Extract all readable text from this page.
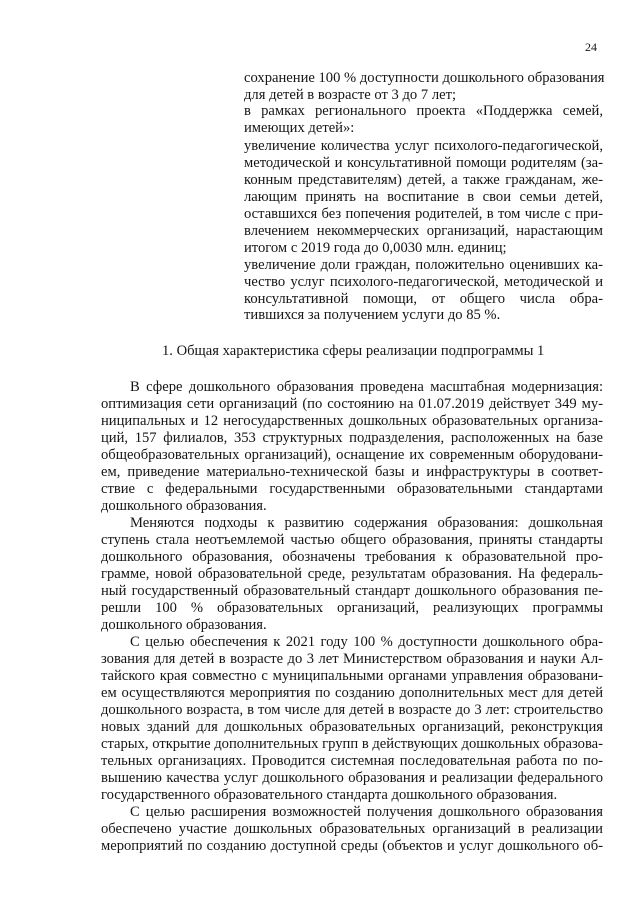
24

сохранение 100 % доступности дошкольного образования

для детей в возрасте от 3 до 7 лет;

в рамках регионального проекта «Поддержка семей,

имеющих детей»:

увеличение количества услуг психолого-педагогической,

методической и консультативной помощи родителям (за-

конным представителям) детей, а также гражданам, же-

лающим принять на воспитание в свои семьи детей,

оставшихся без попечения родителей, в том числе с при-

влечением некоммерческих организаций, нарастающим

итогом с 2019 года до 0,0030 млн. единиц;

увеличение доли граждан, положительно оценивших ка-

чество услуг психолого-педагогической, методической и

консультативной помощи, от общего числа обра-

тившихся за получением услуги до 85 %.

1. Общая характеристика сферы реализации подпрограммы 1

В сфере дошкольного образования проведена масштабная модернизация:

оптимизация сети организаций (по состоянию на 01.07.2019 действует 349 му-

ниципальных и 12 негосударственных дошкольных образовательных организа-

ций, 157 филиалов, 353 структурных подразделения, расположенных на базе

общеобразовательных организаций), оснащение их современным оборудовани-

ем, приведение материально-технической базы и инфраструктуры в соответ-

ствие с федеральными государственными образовательными стандартами

дошкольного образования.

Меняются подходы к развитию содержания образования: дошкольная

ступень стала неотъемлемой частью общего образования, приняты стандарты

дошкольного образования, обозначены требования к образовательной про-

грамме, новой образовательной среде, результатам образования. На федераль-

ный государственный образовательный стандарт дошкольного образования пе-

решли 100 % образовательных организаций, реализующих программы

дошкольного образования.

С целью обеспечения к 2021 году 100 % доступности дошкольного обра-

зования для детей в возрасте до 3 лет Министерством образования и науки Ал-

тайского края совместно с муниципальными органами управления образовани-

ем осуществляются мероприятия по созданию дополнительных мест для детей

дошкольного возраста, в том числе для детей в возрасте до 3 лет: строительство

новых зданий для дошкольных образовательных организаций, реконструкция

старых, открытие дополнительных групп в действующих дошкольных образова-

тельных организациях. Проводится системная последовательная работа по по-

вышению качества услуг дошкольного образования и реализации федерального

государственного образовательного стандарта дошкольного образования.

С целью расширения возможностей получения дошкольного образования

обеспечено участие дошкольных образовательных организаций в реализации

мероприятий по созданию доступной среды (объектов и услуг дошкольного об-
